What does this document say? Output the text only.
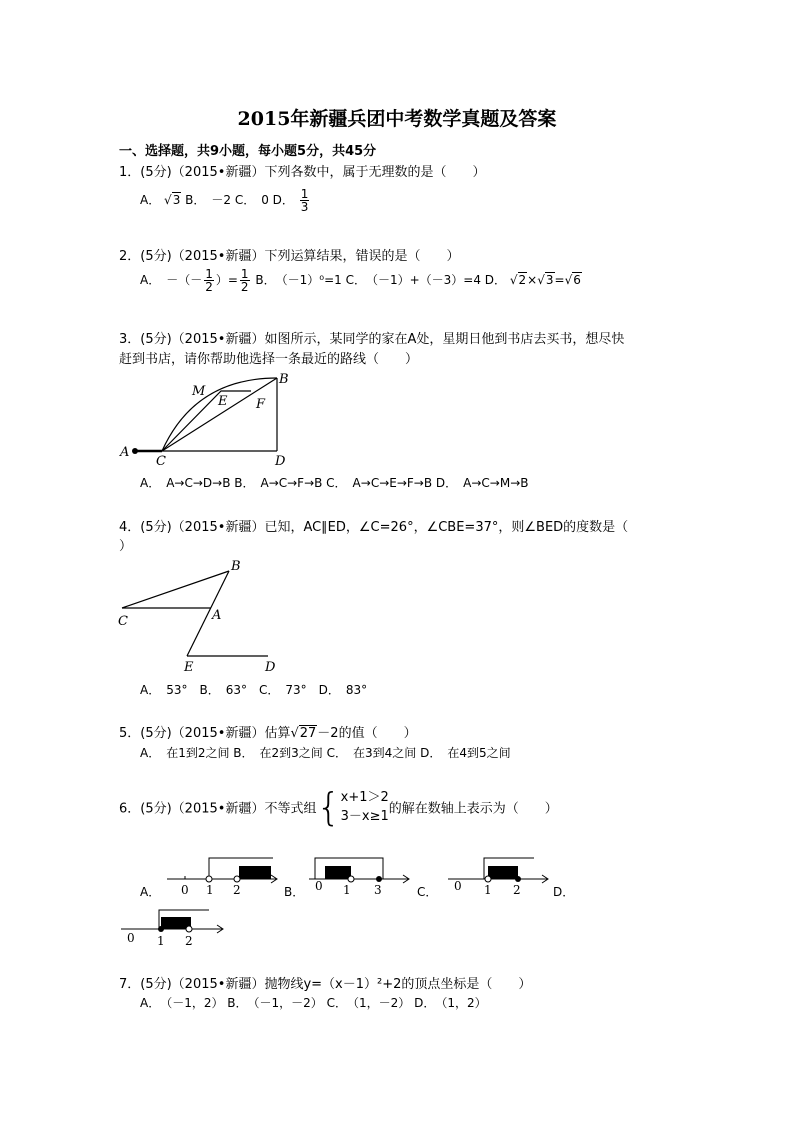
2015年新疆兵团中考数学真题及答案
一、选择题，共9小题，每小题5分，共45分
1．(5分)（2015•新疆）下列各数中，属于无理数的是（　　）
A． √3 B．　－2 C．　0 D． $\frac{1}{3}$
2．(5分)（2015•新疆）下列运算结果，错误的是（　　）
A．　－（－ $\frac{1}{2}$ ）= $\frac{1}{2}$ B．　（－1）⁰=1 C．　（－1）+（－3）=4 D． √2×√3=√6
3．(5分)（2015•新疆）如图所示，某同学的家在A处，星期日他到书店去买书，想尽快
赶到书店，请你帮助他选择一条最近的路线（　　）
M
B
E F
A
C	D
A．　A→C→D→B B．　A→C→F→B C．　A→C→E→F→B D．　A→C→M→B
4．(5分)（2015•新疆）已知，AC∥ED，∠C=26°，∠CBE=37°，则∠BED的度数是（
）
B
C	A
E	D
A．　53°　B．　63°　C．　73°　D．　83°
5．(5分)（2015•新疆）估算√27－2的值（　　）
A．　在1到2之间 B．　在2到3之间 C．　在3到4之间 D．　在4到5之间
6．(5分)（2015•新疆）不等式组{ x+1＞2
3－x≥1 的解在数轴上表示为（　　）
A． 0 1 2	B． 0 1 3	C． 0 1 2	D．
0 1 2
7．(5分)（2015•新疆）抛物线y=（x－1）²+2的顶点坐标是（　　）
A．　（－1，2） B．　（－1，－2） C．　（1，－2） D．　（1，2）
